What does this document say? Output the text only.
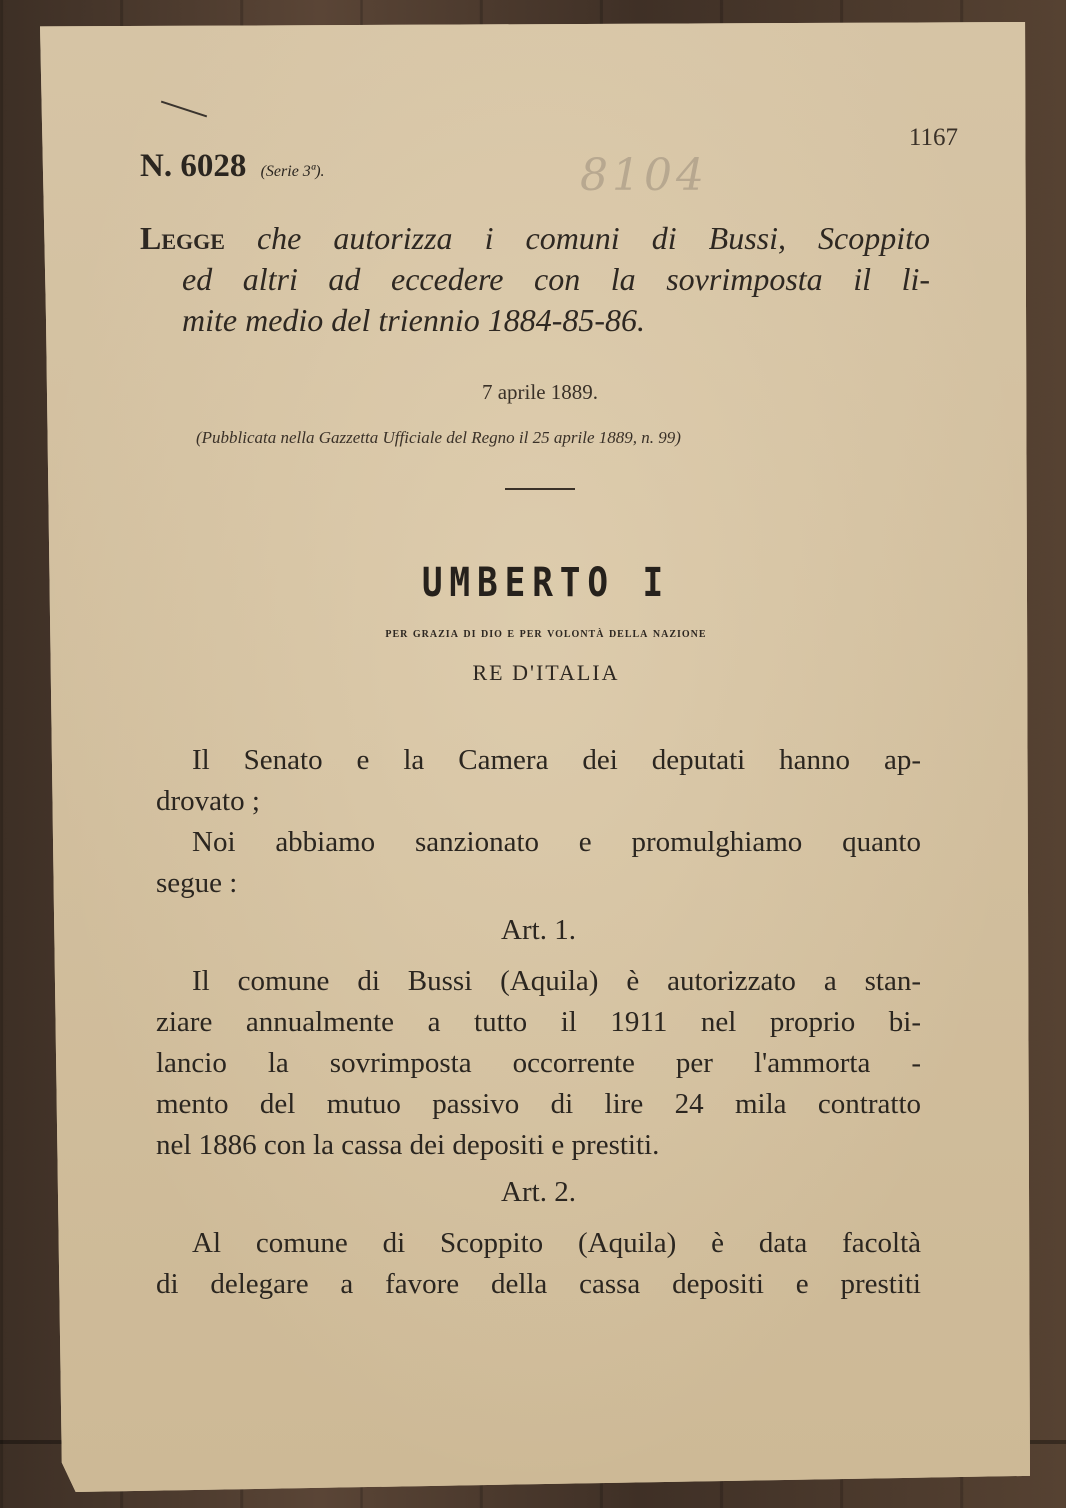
8104
1167
N. 6028 (Serie 3ª).
Legge che autorizza i comuni di Bussi, Scoppito
ed altri ad eccedere con la sovrimposta il li-
mite medio del triennio 1884-85-86.
7 aprile 1889.
(Pubblicata nella Gazzetta Ufficiale del Regno il 25 aprile 1889, n. 99)
UMBERTO I
per grazia di dio e per volontà della nazione
RE D'ITALIA
Il Senato e la Camera dei deputati hanno ap-
drovato ;
Noi abbiamo sanzionato e promulghiamo quanto
segue :
Art. 1.
Il comune di Bussi (Aquila) è autorizzato a stan-
ziare annualmente a tutto il 1911 nel proprio bi-
lancio la sovrimposta occorrente per l'ammorta -
mento del mutuo passivo di lire 24 mila contratto
nel 1886 con la cassa dei depositi e prestiti.
Art. 2.
Al comune di Scoppito (Aquila) è data facoltà
di delegare a favore della cassa depositi e prestiti
